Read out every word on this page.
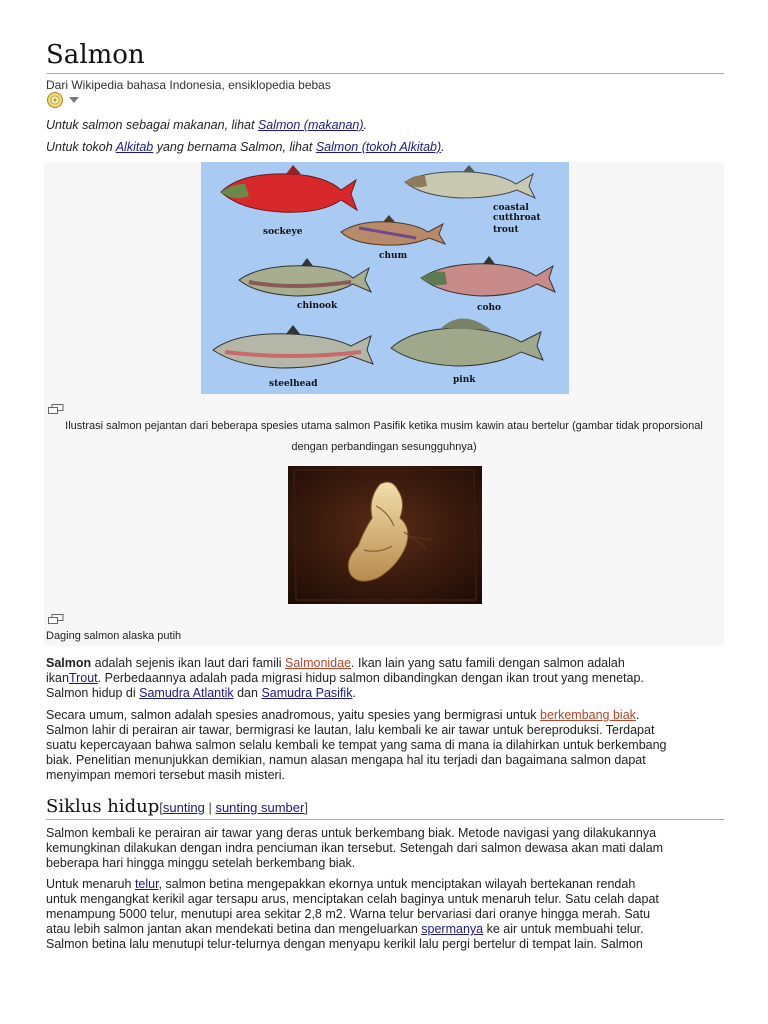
Salmon
Dari Wikipedia bahasa Indonesia, ensiklopedia bebas
Untuk salmon sebagai makanan, lihat Salmon (makanan).
Untuk tokoh Alkitab yang bernama Salmon, lihat Salmon (tokoh Alkitab).
sockeye
coastal
cutthroat
trout
chum
chinook	coho
steelhead	pink
Ilustrasi salmon pejantan dari beberapa spesies utama salmon Pasifik ketika musim kawin atau bertelur (gambar tidak proporsional
dengan perbandingan sesungguhnya)
Daging salmon alaska putih
Salmon adalah sejenis ikan laut dari famili Salmonidae. Ikan lain yang satu famili dengan salmon adalah
ikanTrout. Perbedaannya adalah pada migrasi hidup salmon dibandingkan dengan ikan trout yang menetap.
Salmon hidup di Samudra Atlantik dan Samudra Pasifik.
Secara umum, salmon adalah spesies anadromous, yaitu spesies yang bermigrasi untuk berkembang biak.
Salmon lahir di perairan air tawar, bermigrasi ke lautan, lalu kembali ke air tawar untuk bereproduksi. Terdapat
suatu kepercayaan bahwa salmon selalu kembali ke tempat yang sama di mana ia dilahirkan untuk berkembang
biak. Penelitian menunjukkan demikian, namun alasan mengapa hal itu terjadi dan bagaimana salmon dapat
menyimpan memori tersebut masih misteri.
Siklus hidup[sunting | sunting sumber]
Salmon kembali ke perairan air tawar yang deras untuk berkembang biak. Metode navigasi yang dilakukannya
kemungkinan dilakukan dengan indra penciuman ikan tersebut. Setengah dari salmon dewasa akan mati dalam
beberapa hari hingga minggu setelah berkembang biak.
Untuk menaruh telur, salmon betina mengepakkan ekornya untuk menciptakan wilayah bertekanan rendah
untuk mengangkat kerikil agar tersapu arus, menciptakan celah baginya untuk menaruh telur. Satu celah dapat
menampung 5000 telur, menutupi area sekitar 2,8 m2. Warna telur bervariasi dari oranye hingga merah. Satu
atau lebih salmon jantan akan mendekati betina dan mengeluarkan spermanya ke air untuk membuahi telur.
Salmon betina lalu menutupi telur-telurnya dengan menyapu kerikil lalu pergi bertelur di tempat lain. Salmon
